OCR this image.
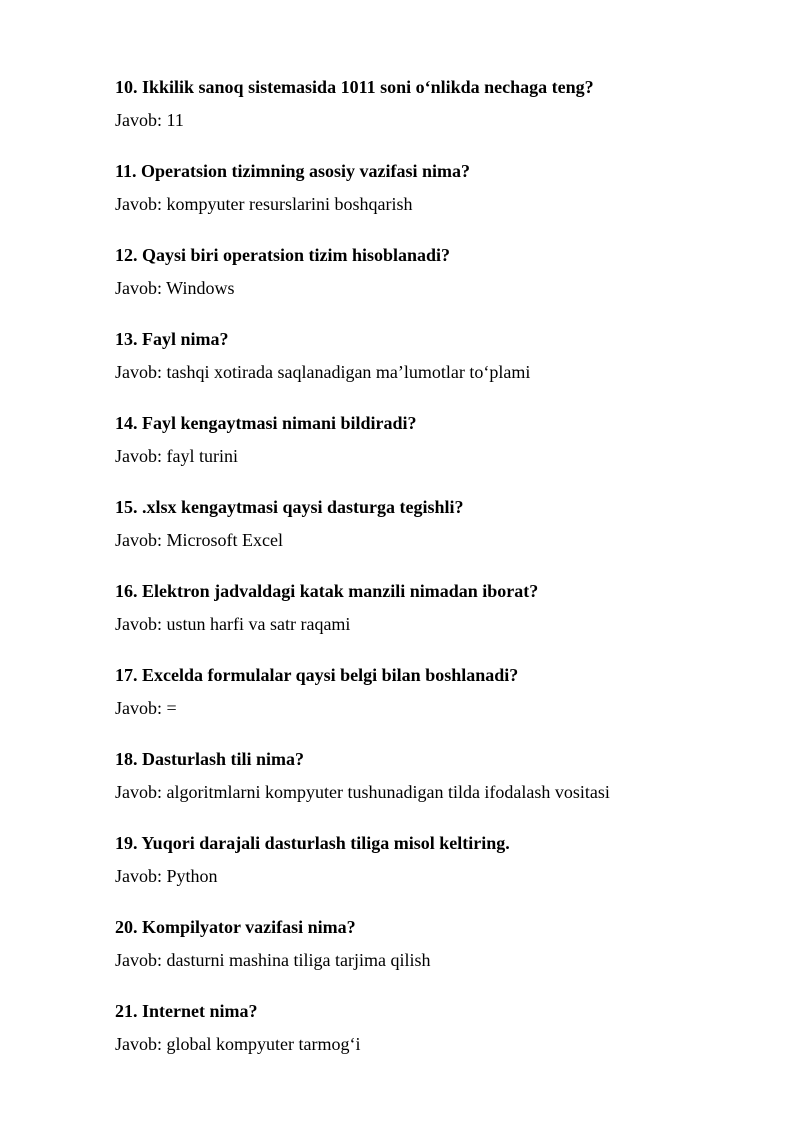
10. Ikkilik sanoq sistemasida 1011 soni o‘nlikda nechaga teng?
Javob: 11
11. Operatsion tizimning asosiy vazifasi nima?
Javob: kompyuter resurslarini boshqarish
12. Qaysi biri operatsion tizim hisoblanadi?
Javob: Windows
13. Fayl nima?
Javob: tashqi xotirada saqlanadigan ma’lumotlar to‘plami
14. Fayl kengaytmasi nimani bildiradi?
Javob: fayl turini
15. .xlsx kengaytmasi qaysi dasturga tegishli?
Javob: Microsoft Excel
16. Elektron jadvaldagi katak manzili nimadan iborat?
Javob: ustun harfi va satr raqami
17. Excelda formulalar qaysi belgi bilan boshlanadi?
Javob: =
18. Dasturlash tili nima?
Javob: algoritmlarni kompyuter tushunadigan tilda ifodalash vositasi
19. Yuqori darajali dasturlash tiliga misol keltiring.
Javob: Python
20. Kompilyator vazifasi nima?
Javob: dasturni mashina tiliga tarjima qilish
21. Internet nima?
Javob: global kompyuter tarmog‘i
